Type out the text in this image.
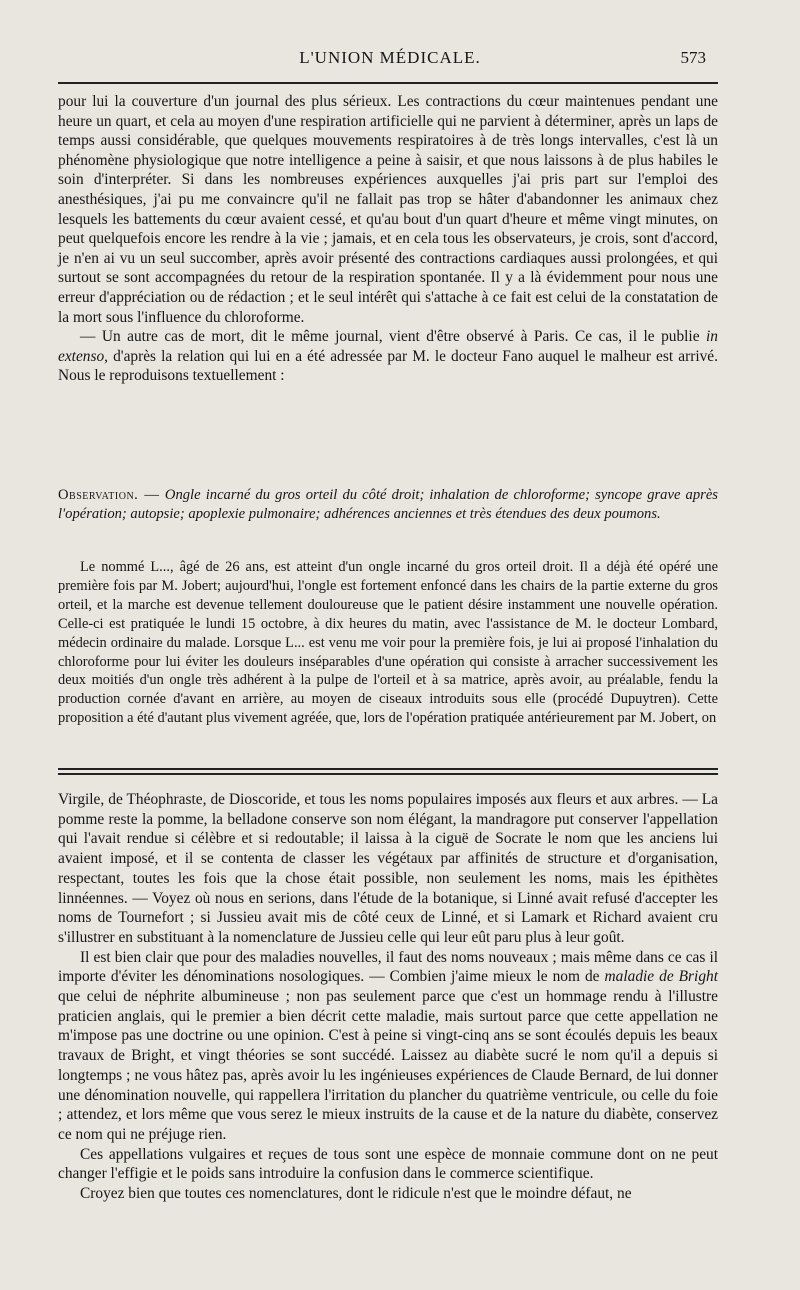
L'UNION MÉDICALE.	573

pour lui la couverture d'un journal des plus sérieux. Les contractions du cœur maintenues pendant une heure un quart, et cela au moyen d'une respiration artificielle qui ne parvient à déterminer, après un laps de temps aussi considérable, que quelques mouvements respiratoires à de très longs intervalles, c'est là un phénomène physiologique que notre intelligence a peine à saisir, et que nous laissons à de plus habiles le soin d'interpréter. Si dans les nombreuses expériences auxquelles j'ai pris part sur l'emploi des anesthésiques, j'ai pu me convaincre qu'il ne fallait pas trop se hâter d'abandonner les animaux chez lesquels les battements du cœur avaient cessé, et qu'au bout d'un quart d'heure et même vingt minutes, on peut quelquefois encore les rendre à la vie ; jamais, et en cela tous les observateurs, je crois, sont d'accord, je n'en ai vu un seul succomber, après avoir présenté des contractions cardiaques aussi prolongées, et qui surtout se sont accompagnées du retour de la respiration spontanée. Il y a là évidemment pour nous une erreur d'appréciation ou de rédaction ; et le seul intérêt qui s'attache à ce fait est celui de la constatation de la mort sous l'influence du chloroforme.

— Un autre cas de mort, dit le même journal, vient d'être observé à Paris. Ce cas, il le publie in extenso, d'après la relation qui lui en a été adressée par M. le docteur Fano auquel le malheur est arrivé. Nous le reproduisons textuellement :

Observation. — Ongle incarné du gros orteil du côté droit; inhalation de chloroforme; syncope grave après l'opération; autopsie; apoplexie pulmonaire; adhérences anciennes et très étendues des deux poumons.

Le nommé L..., âgé de 26 ans, est atteint d'un ongle incarné du gros orteil droit. Il a déjà été opéré une première fois par M. Jobert; aujourd'hui, l'ongle est fortement enfoncé dans les chairs de la partie externe du gros orteil, et la marche est devenue tellement douloureuse que le patient désire instamment une nouvelle opération. Celle-ci est pratiquée le lundi 15 octobre, à dix heures du matin, avec l'assistance de M. le docteur Lombard, médecin ordinaire du malade. Lorsque L... est venu me voir pour la première fois, je lui ai proposé l'inhalation du chloroforme pour lui éviter les douleurs inséparables d'une opération qui consiste à arracher successivement les deux moitiés d'un ongle très adhérent à la pulpe de l'orteil et à sa matrice, après avoir, au préalable, fendu la production cornée d'avant en arrière, au moyen de ciseaux introduits sous elle (procédé Dupuytren). Cette proposition a été d'autant plus vivement agréée, que, lors de l'opération pratiquée antérieurement par M. Jobert, on

Virgile, de Théophraste, de Dioscoride, et tous les noms populaires imposés aux fleurs et aux arbres. — La pomme reste la pomme, la belladone conserve son nom élégant, la mandragore put conserver l'appellation qui l'avait rendue si célèbre et si redoutable; il laissa à la ciguë de Socrate le nom que les anciens lui avaient imposé, et il se contenta de classer les végétaux par affinités de structure et d'organisation, respectant, toutes les fois que la chose était possible, non seulement les noms, mais les épithètes linnéennes. — Voyez où nous en serions, dans l'étude de la botanique, si Linné avait refusé d'accepter les noms de Tournefort ; si Jussieu avait mis de côté ceux de Linné, et si Lamark et Richard avaient cru s'illustrer en substituant à la nomenclature de Jussieu celle qui leur eût paru plus à leur goût.

Il est bien clair que pour des maladies nouvelles, il faut des noms nouveaux ; mais même dans ce cas il importe d'éviter les dénominations nosologiques. — Combien j'aime mieux le nom de maladie de Bright que celui de néphrite albumineuse ; non pas seulement parce que c'est un hommage rendu à l'illustre praticien anglais, qui le premier a bien décrit cette maladie, mais surtout parce que cette appellation ne m'impose pas une doctrine ou une opinion. C'est à peine si vingt-cinq ans se sont écoulés depuis les beaux travaux de Bright, et vingt théories se sont succédé. Laissez au diabète sucré le nom qu'il a depuis si longtemps ; ne vous hâtez pas, après avoir lu les ingénieuses expériences de Claude Bernard, de lui donner une dénomination nouvelle, qui rappellera l'irritation du plancher du quatrième ventricule, ou celle du foie ; attendez, et lors même que vous serez le mieux instruits de la cause et de la nature du diabète, conservez ce nom qui ne préjuge rien.

Ces appellations vulgaires et reçues de tous sont une espèce de monnaie commune dont on ne peut changer l'effigie et le poids sans introduire la confusion dans le commerce scientifique.

Croyez bien que toutes ces nomenclatures, dont le ridicule n'est que le moindre défaut, ne
